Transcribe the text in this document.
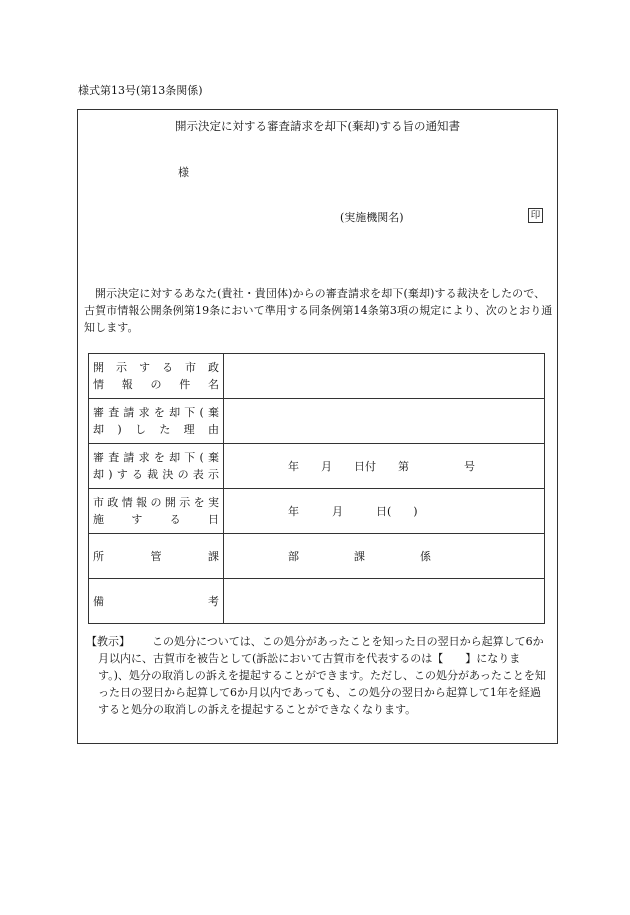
様式第13号(第13条関係)
開示決定に対する審査請求を却下(棄却)する旨の通知書
様
(実施機関名)	印
開示決定に対するあなた(貴社・貴団体)からの審査請求を却下(棄却)する裁決をしたので、古賀市情報公開条例第19条において準用する同条例第14条第3項の規定により、次のとおり通知します。
開示する市政
情報の件名	

審査請求を却下(棄
却)した理由	

審査請求を却下(棄
却)する裁決の表示	年　　月　　日付　　第　　　　　号

市政情報の開示を実
施する日	年　　　月　　　日(　　)

所管課	部　　　　　課　　　　　係

備考	

【教示】	この処分については、この処分があったことを知った日の翌日から起算して6か月以内に、古賀市を被告として(訴訟において古賀市を代表するのは【　　】になります。)、処分の取消しの訴えを提起することができます。ただし、この処分があったことを知った日の翌日から起算して6か月以内であっても、この処分の翌日から起算して1年を経過すると処分の取消しの訴えを提起することができなくなります。
